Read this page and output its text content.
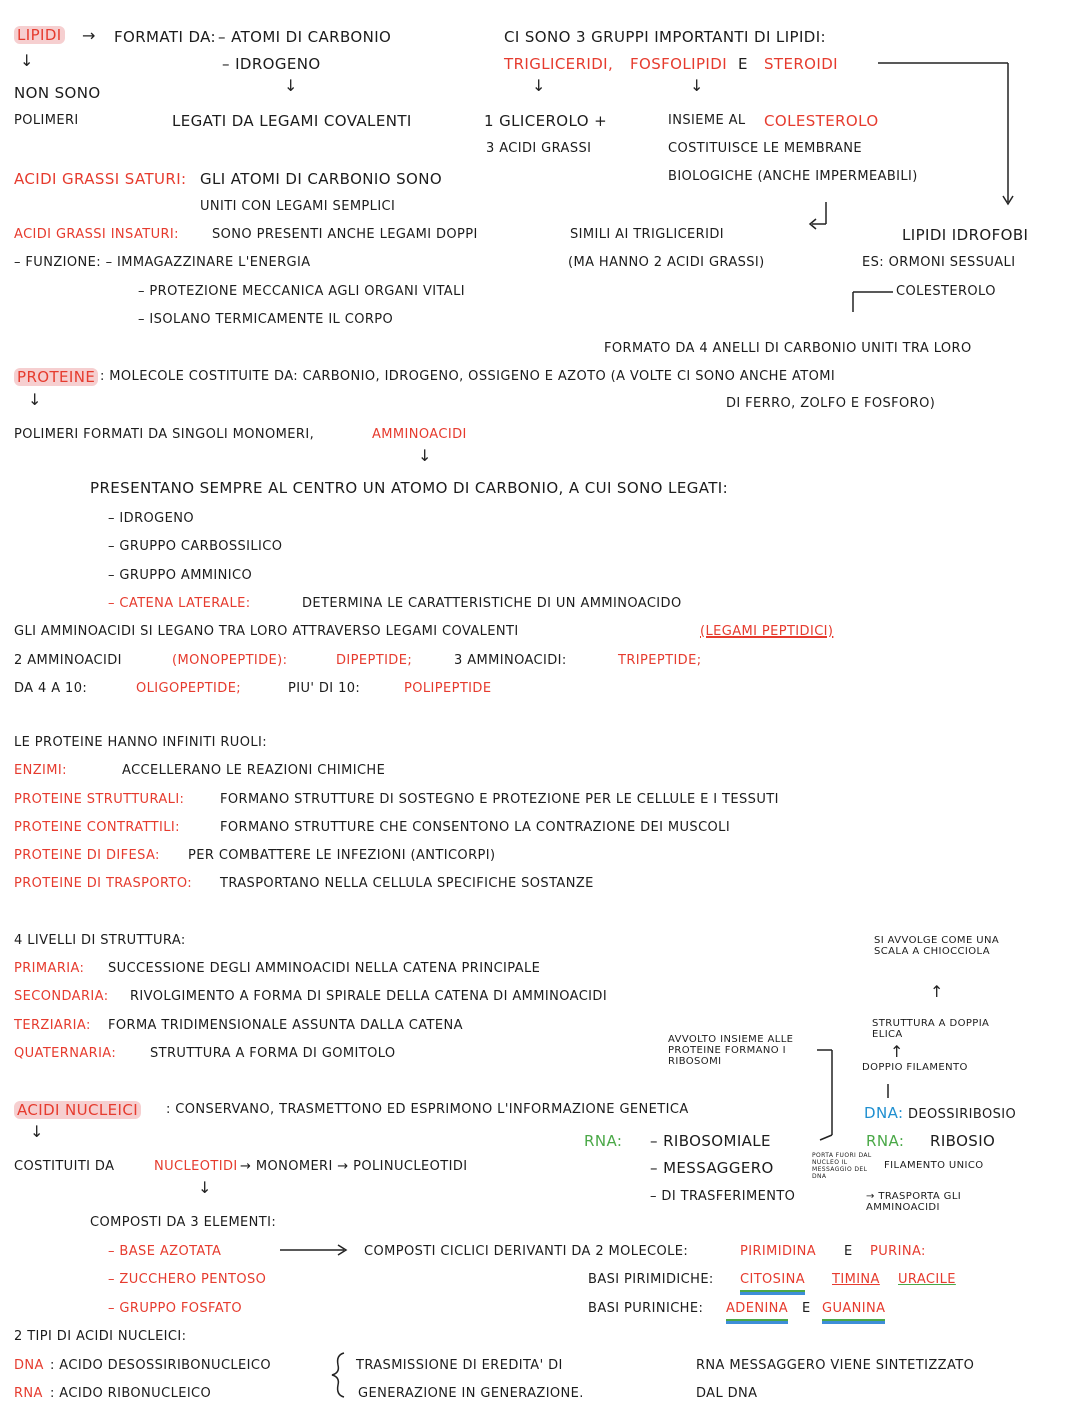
LIPIDI → FORMATI DA: – ATOMI DI CARBONIO
– IDROGENO
↓
↓
NON SONO
POLIMERI	LEGATI DA LEGAMI COVALENTI
CI SONO 3 GRUPPI IMPORTANTI DI LIPIDI:
TRIGLICERIDI, FOSFOLIPIDI E STEROIDI
↓	↓
1 GLICEROLO +
3 ACIDI GRASSI
INSIEME AL COLESTEROLO
COSTITUISCE LE MEMBRANE
BIOLOGICHE (ANCHE IMPERMEABILI)
ACIDI GRASSI SATURI: GLI ATOMI DI CARBONIO SONO
UNITI CON LEGAMI SEMPLICI
ACIDI GRASSI INSATURI:	SONO PRESENTI ANCHE LEGAMI DOPPI
– FUNZIONE: – IMMAGAZZINARE L'ENERGIA
– PROTEZIONE MECCANICA AGLI ORGANI VITALI
– ISOLANO TERMICAMENTE IL CORPO
SIMILI AI TRIGLICERIDI
(MA HANNO 2 ACIDI GRASSI)
LIPIDI IDROFOBI
ES: ORMONI SESSUALI
COLESTEROLO
FORMATO DA 4 ANELLI DI CARBONIO UNITI TRA LORO
PROTEINE : MOLECOLE COSTITUITE DA: CARBONIO, IDROGENO, OSSIGENO E AZOTO (A VOLTE CI SONO ANCHE ATOMI
DI FERRO, ZOLFO E FOSFORO)
↓
POLIMERI FORMATI DA SINGOLI MONOMERI,	AMMINOACIDI
↓
PRESENTANO SEMPRE AL CENTRO UN ATOMO DI CARBONIO, A CUI SONO LEGATI:
– IDROGENO
– GRUPPO CARBOSSILICO
– GRUPPO AMMINICO
– CATENA LATERALE:	DETERMINA LE CARATTERISTICHE DI UN AMMINOACIDO
GLI AMMINOACIDI SI LEGANO TRA LORO ATTRAVERSO LEGAMI COVALENTI	(LEGAMI PEPTIDICI)
2 AMMINOACIDI	(MONOPEPTIDE):	DIPEPTIDE;	3 AMMINOACIDI:	TRIPEPTIDE;
DA 4 A 10:	OLIGOPEPTIDE;	PIU' DI 10:	POLIPEPTIDE
LE PROTEINE HANNO INFINITI RUOLI:
ENZIMI:	ACCELLERANO LE REAZIONI CHIMICHE
PROTEINE STRUTTURALI:	FORMANO STRUTTURE DI SOSTEGNO E PROTEZIONE PER LE CELLULE E I TESSUTI
PROTEINE CONTRATTILI:	FORMANO STRUTTURE CHE CONSENTONO LA CONTRAZIONE DEI MUSCOLI
PROTEINE DI DIFESA: PER COMBATTERE LE INFEZIONI (ANTICORPI)
PROTEINE DI TRASPORTO: TRASPORTANO NELLA CELLULA SPECIFICHE SOSTANZE
4 LIVELLI DI STRUTTURA:
PRIMARIA: SUCCESSIONE DEGLI AMMINOACIDI NELLA CATENA PRINCIPALE
SECONDARIA: RIVOLGIMENTO A FORMA DI SPIRALE DELLA CATENA DI AMMINOACIDI
TERZIARIA: FORMA TRIDIMENSIONALE ASSUNTA DALLA CATENA
QUATERNARIA:	STRUTTURA A FORMA DI GOMITOLO
SI AVVOLGE COME UNA SCALA A CHIOCCIOLA
↑
STRUTTURA A DOPPIA ELICA
↑
DOPPIO FILAMENTO
AVVOLTO INSIEME ALLE PROTEINE FORMANO I RIBOSOMI
ACIDI NUCLEICI : CONSERVANO, TRASMETTONO ED ESPRIMONO L'INFORMAZIONE GENETICA	DNA: DEOSSIRIBOSIO
↓	RNA: – RIBOSOMIALE	RNA: RIBOSIO
COSTITUITI DA	NUCLEOTIDI → MONOMERI → POLINUCLEOTIDI	– MESSAGGERO
PORTA FUORI DAL NUCLEO IL MESSAGGIO DEL DNA
FILAMENTO UNICO
↓	– DI TRASFERIMENTO	→ TRASPORTA GLI AMMINOACIDI
COMPOSTI DA 3 ELEMENTI:
– BASE AZOTATA	COMPOSTI CICLICI DERIVANTI DA 2 MOLECOLE:	PIRIMIDINA E PURINA:
– ZUCCHERO PENTOSO	BASI PIRIMIDICHE: CITOSINA TIMINA URACILE
– GRUPPO FOSFATO	BASI PURINICHE: ADENINA E GUANINA
2 TIPI DI ACIDI NUCLEICI:
DNA : ACIDO DESOSSIRIBONUCLEICO
RNA : ACIDO RIBONUCLEICO
TRASMISSIONE DI EREDITA' DI
GENERAZIONE IN GENERAZIONE.
RNA MESSAGGERO VIENE SINTETIZZATO
DAL DNA
